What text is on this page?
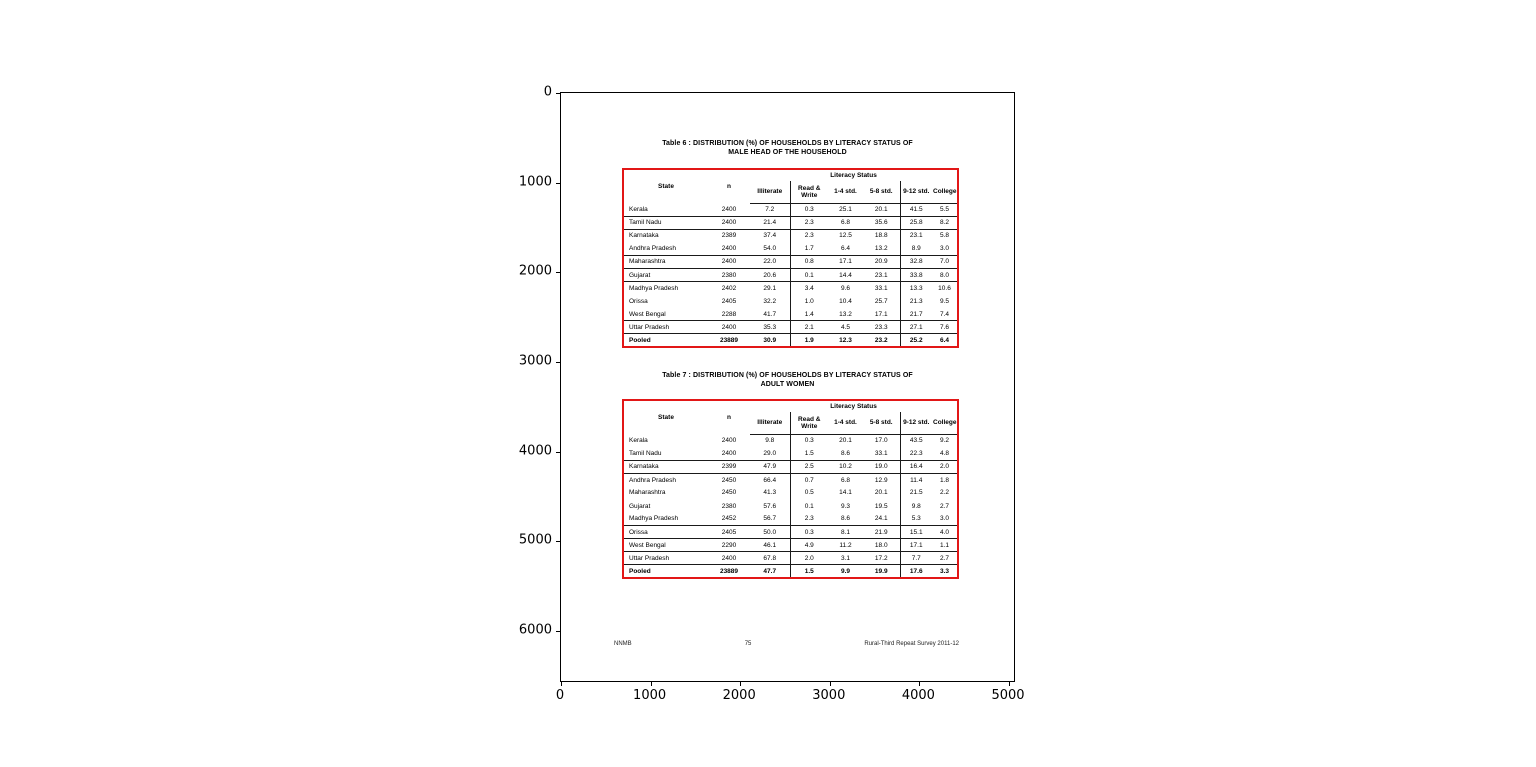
0
1000
2000
3000
4000
5000
6000
Table 6 : DISTRIBUTION (%) OF HOUSEHOLDS BY LITERACY STATUS OF
MALE HEAD OF THE HOUSEHOLD
State	n	Literacy Status					
		Illiterate	Read & Write	1-4 std.	5-8 std.	9-12 std.	College
Kerala	2400	7.2	0.3	25.1	20.1	41.5	5.5
Tamil Nadu	2400	21.4	2.3	6.8	35.6	25.8	8.2
Karnataka	2389	37.4	2.3	12.5	18.8	23.1	5.8
Andhra Pradesh	2400	54.0	1.7	6.4	13.2	8.9	3.0
Maharashtra	2400	22.0	0.8	17.1	20.9	32.8	7.0
Gujarat	2380	20.6	0.1	14.4	23.1	33.8	8.0
Madhya Pradesh	2402	29.1	3.4	9.6	33.1	13.3	10.6
Orissa	2405	32.2	1.0	10.4	25.7	21.3	9.5
West Bengal	2288	41.7	1.4	13.2	17.1	21.7	7.4
Uttar Pradesh	2400	35.3	2.1	4.5	23.3	27.1	7.6
Pooled	23889	30.9	1.9	12.3	23.2	25.2	6.4
Table 7 : DISTRIBUTION (%) OF HOUSEHOLDS BY LITERACY STATUS OF
ADULT WOMEN
State	n	Literacy Status					
		Illiterate	Read & Write	1-4 std.	5-8 std.	9-12 std.	College
Kerala	2400	9.8	0.3	20.1	17.0	43.5	9.2
Tamil Nadu	2400	29.0	1.5	8.6	33.1	22.3	4.8
Karnataka	2399	47.9	2.5	10.2	19.0	16.4	2.0
Andhra Pradesh	2450	66.4	0.7	6.8	12.9	11.4	1.8
Maharashtra	2450	41.3	0.5	14.1	20.1	21.5	2.2
Gujarat	2380	57.6	0.1	9.3	19.5	9.8	2.7
Madhya Pradesh	2452	56.7	2.3	8.6	24.1	5.3	3.0
Orissa	2405	50.0	0.3	8.1	21.9	15.1	4.0
West Bengal	2290	46.1	4.9	11.2	18.0	17.1	1.1
Uttar Pradesh	2400	67.8	2.0	3.1	17.2	7.7	2.7
Pooled	23889	47.7	1.5	9.9	19.9	17.6	3.3
NNMB	75	Rural-Third Repeat Survey 2011-12
0	1000	2000	3000	4000	5000
